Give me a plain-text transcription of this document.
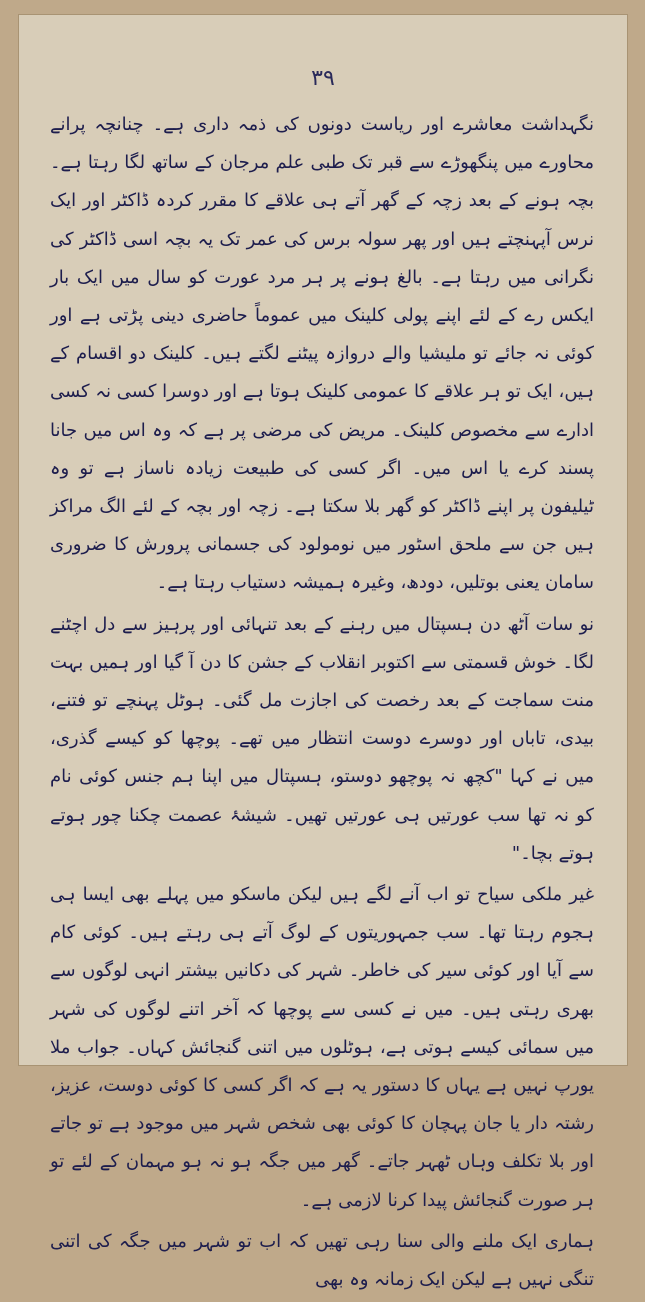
۳۹

نگہداشت معاشرے اور ریاست دونوں کی ذمہ داری ہے۔ چنانچہ پرانے محاورے میں پنگھوڑے سے قبر تک طبی علم مرجان کے ساتھ لگا رہتا ہے۔ بچہ ہونے کے بعد زچہ کے گھر آتے ہی علاقے کا مقرر کردہ ڈاکٹر اور ایک نرس آپہنچتے ہیں اور پھر سولہ برس کی عمر تک یہ بچہ اسی ڈاکٹر کی نگرانی میں رہتا ہے۔ بالغ ہونے پر ہر مرد عورت کو سال میں ایک بار ایکس رے کے لئے اپنے پولی کلینک میں عموماً حاضری دینی پڑتی ہے اور کوئی نہ جائے تو ملیشیا والے دروازہ پیٹنے لگتے ہیں۔ کلینک دو اقسام کے ہیں، ایک تو ہر علاقے کا عمومی کلینک ہوتا ہے اور دوسرا کسی نہ کسی ادارے سے مخصوص کلینک۔ مریض کی مرضی پر ہے کہ وہ اس میں جانا پسند کرے یا اس میں۔ اگر کسی کی طبیعت زیادہ ناساز ہے تو وہ ٹیلیفون پر اپنے ڈاکٹر کو گھر بلا سکتا ہے۔ زچہ اور بچہ کے لئے الگ مراکز ہیں جن سے ملحق اسٹور میں نومولود کی جسمانی پرورش کا ضروری سامان یعنی بوتلیں، دودھ، وغیرہ ہمیشہ دستیاب رہتا ہے۔

نو سات آٹھ دن ہسپتال میں رہنے کے بعد تنہائی اور پرہیز سے دل اچٹنے لگا۔ خوش قسمتی سے اکتوبر انقلاب کے جشن کا دن آ گیا اور ہمیں بہت منت سماجت کے بعد رخصت کی اجازت مل گئی۔ ہوٹل پہنچے تو فتنے، بیدی، تاباں اور دوسرے دوست انتظار میں تھے۔ پوچھا کو کیسے گذری، میں نے کہا "کچھ نہ پوچھو دوستو، ہسپتال میں اپنا ہم جنس کوئی نام کو نہ تھا سب عورتیں ہی عورتیں تھیں۔ شیشۂ عصمت چکنا چور ہوتے ہوتے بچا۔"

غیر ملکی سیاح تو اب آنے لگے ہیں لیکن ماسکو میں پہلے بھی ایسا ہی ہجوم رہتا تھا۔ سب جمہوریتوں کے لوگ آتے ہی رہتے ہیں۔ کوئی کام سے آیا اور کوئی سیر کی خاطر۔ شہر کی دکانیں بیشتر انہی لوگوں سے بھری رہتی ہیں۔ میں نے کسی سے پوچھا کہ آخر اتنے لوگوں کی شہر میں سمائی کیسے ہوتی ہے، ہوٹلوں میں اتنی گنجائش کہاں۔ جواب ملا یورپ نہیں ہے یہاں کا دستور یہ ہے کہ اگر کسی کا کوئی دوست، عزیز، رشتہ دار یا جان پہچان کا کوئی بھی شخص شہر میں موجود ہے تو جاتے اور بلا تکلف وہاں ٹھہر جاتے۔ گھر میں جگہ ہو نہ ہو مہمان کے لئے تو ہر صورت گنجائش پیدا کرنا لازمی ہے۔

ہماری ایک ملنے والی سنا رہی تھیں کہ اب تو شہر میں جگہ کی اتنی تنگی نہیں ہے لیکن ایک زمانہ وہ بھی
